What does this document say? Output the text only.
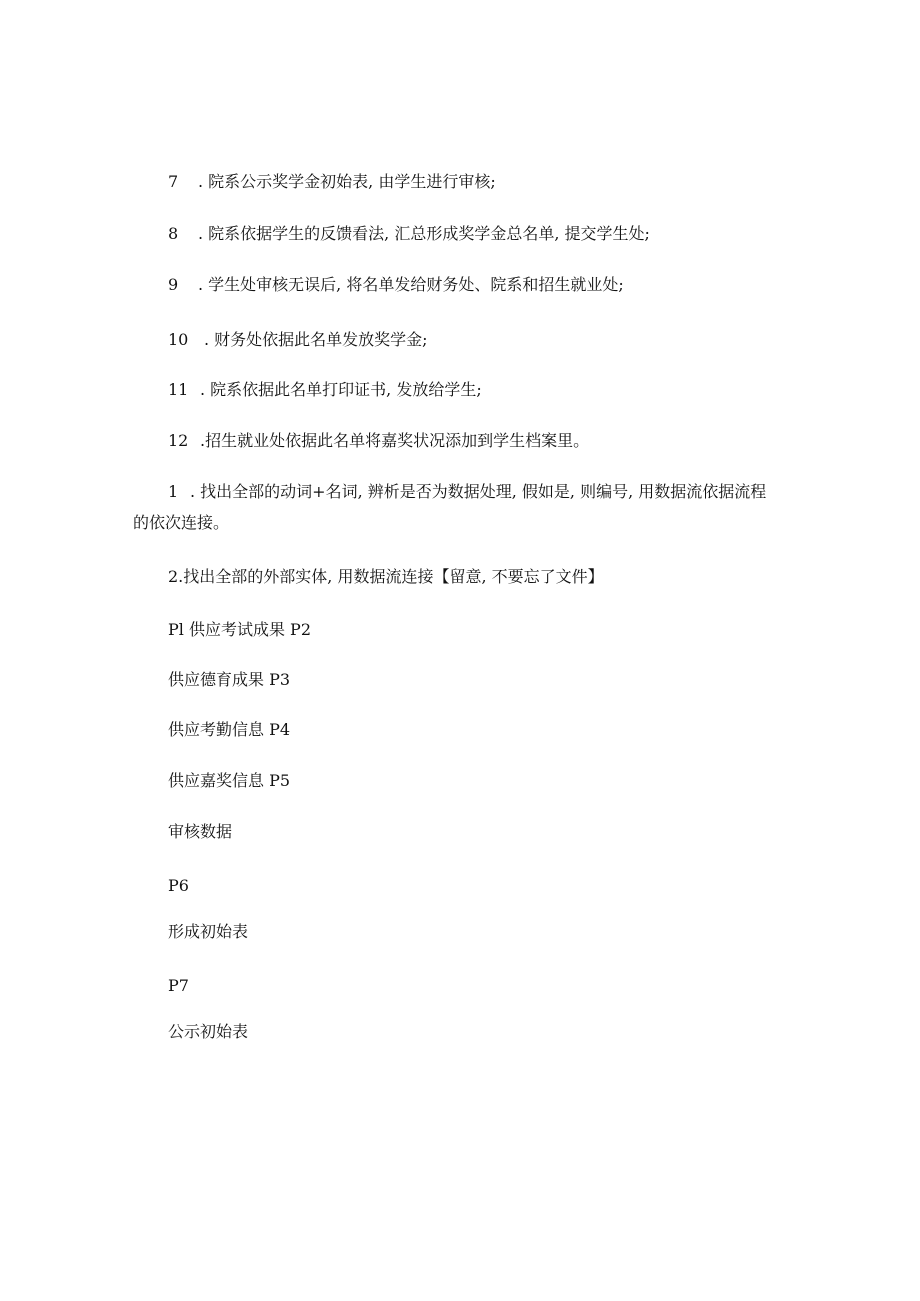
7 . 院系公示奖学金初始表, 由学生进行审核;
8 . 院系依据学生的反馈看法, 汇总形成奖学金总名单, 提交学生处;
9 . 学生处审核无误后, 将名单发给财务处、院系和招生就业处;
10 . 财务处依据此名单发放奖学金;
11 . 院系依据此名单打印证书, 发放给学生;
12 .招生就业处依据此名单将嘉奖状况添加到学生档案里。
1 . 找出全部的动词+名词, 辨析是否为数据处理, 假如是, 则编号, 用数据流依据流程
的依次连接。
2.找出全部的外部实体, 用数据流连接【留意, 不要忘了文件】
Pl 供应考试成果 P2
供应德育成果 P3
供应考勤信息 P4
供应嘉奖信息 P5
审核数据
P6
形成初始表
P7
公示初始表
